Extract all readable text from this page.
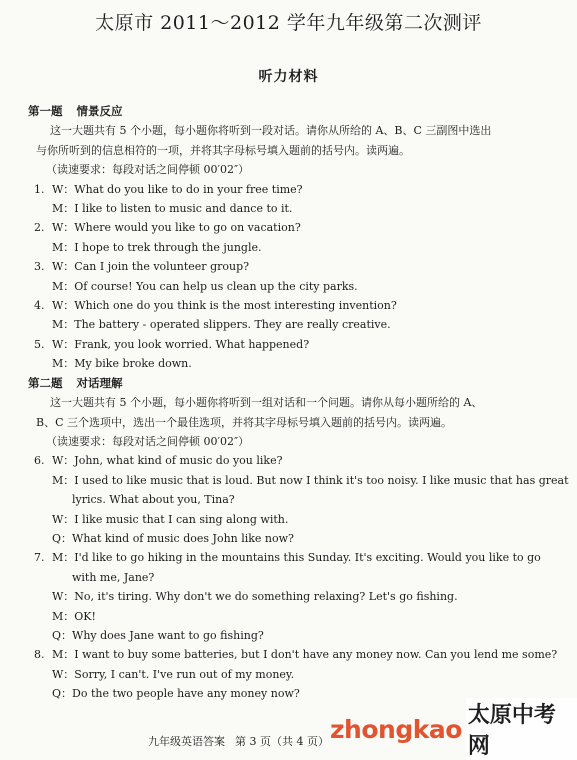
太原市 2011～2012 学年九年级第二次测评
听力材料
第一题 情景反应
这一大题共有 5 个小题，每小题你将听到一段对话。请你从所给的 A、B、C 三副图中选出
与你所听到的信息相符的一项，并将其字母标号填入题前的括号内。读两遍。
（读速要求：每段对话之间停顿 00′02″）
1. W：What do you like to do in your free time?
M：I like to listen to music and dance to it.
2. W：Where would you like to go on vacation?
M：I hope to trek through the jungle.
3. W：Can I join the volunteer group?
M：Of course! You can help us clean up the city parks.
4. W：Which one do you think is the most interesting invention?
M：The battery - operated slippers. They are really creative.
5. W：Frank, you look worried. What happened?
M：My bike broke down.
第二题 对话理解
这一大题共有 5 个小题，每小题你将听到一组对话和一个问题。请你从每小题所给的 A、
B、C 三个选项中，选出一个最佳选项，并将其字母标号填入题前的括号内。读两遍。
（读速要求：每段对话之间停顿 00′02″）
6. W：John, what kind of music do you like?
M：I used to like music that is loud. But now I think it's too noisy. I like music that has great
lyrics. What about you, Tina?
W：I like music that I can sing along with.
Q：What kind of music does John like now?
7. M：I'd like to go hiking in the mountains this Sunday. It's exciting. Would you like to go
with me, Jane?
W：No, it's tiring. Why don't we do something relaxing? Let's go fishing.
M：OK!
Q：Why does Jane want to go fishing?
8. M：I want to buy some batteries, but I don't have any money now. Can you lend me some?
W：Sorry, I can't. I've run out of my money.
Q：Do the two people have any money now?
九年级英语答案 第 3 页（共 4 页） zhongkao 太原中考网
